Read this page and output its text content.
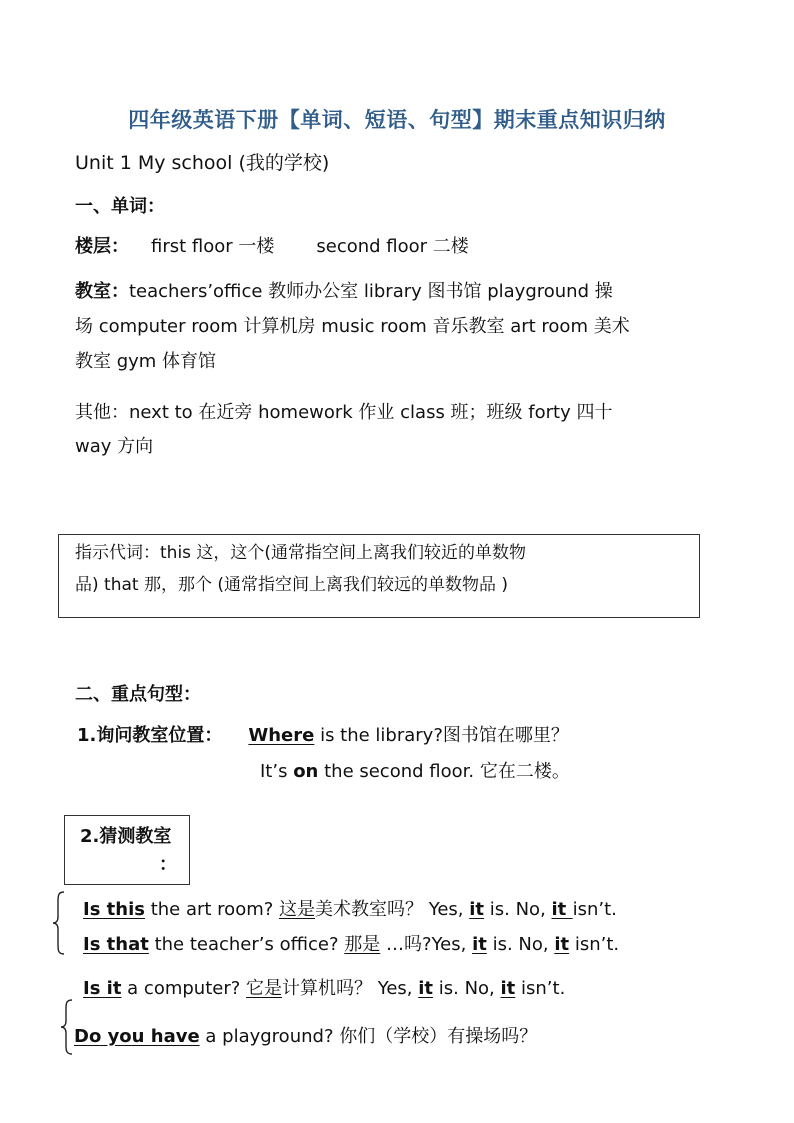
四年级英语下册【单词、短语、句型】期末重点知识归纳
Unit 1 My school (我的学校)
一、单词：
楼层： first floor 一楼 second floor 二楼
教室：teachers’office 教师办公室 library 图书馆 playground 操
场 computer room 计算机房 music room 音乐教室 art room 美术
教室 gym 体育馆
其他：next to 在近旁 homework 作业 class 班；班级 forty 四十
way 方向
指示代词：this 这，这个(通常指空间上离我们较近的单数物
品) that 那，那个 (通常指空间上离我们较远的单数物品 )
二、重点句型：
1.询问教室位置： Where is the library?图书馆在哪里？
It’s on the second floor. 它在二楼。
2.猜测教室
：
Is this the art room? 这是美术教室吗？ Yes, it is. No, it isn’t.
Is that the teacher’s office? 那是 …吗?Yes, it is. No, it isn’t.
Is it a computer? 它是计算机吗？ Yes, it is. No, it isn’t.
Do you have a playground? 你们（学校）有操场吗？
